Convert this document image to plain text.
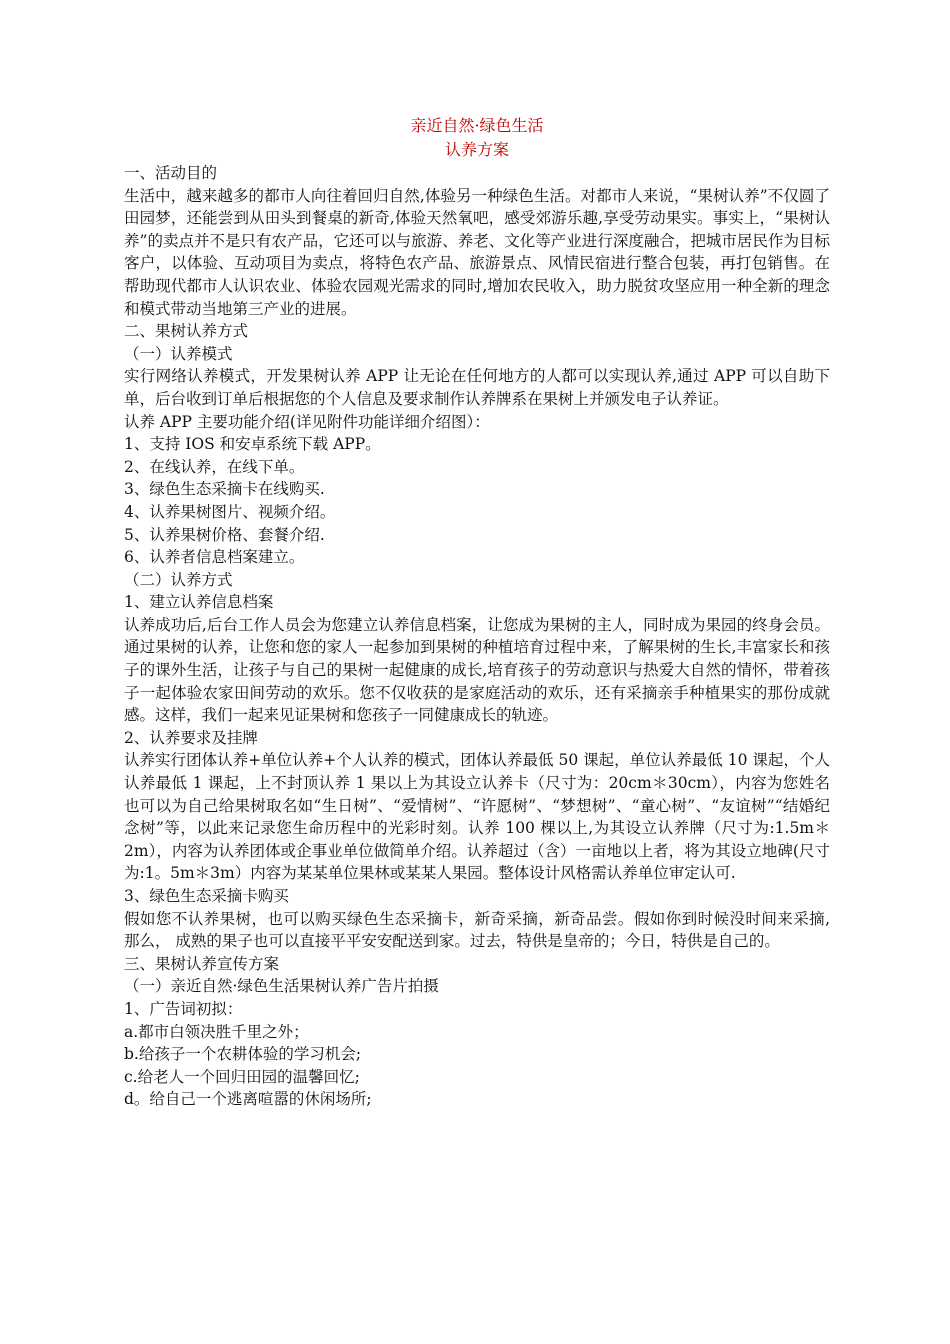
亲近自然·绿色生活
认养方案

一、活动目的

生活中，越来越多的都市人向往着回归自然,体验另一种绿色生活。对都市人来说，“果树认养”不仅圆了田园梦，还能尝到从田头到餐桌的新奇,体验天然氧吧，感受郊游乐趣,享受劳动果实。事实上，“果树认养”的卖点并不是只有农产品，它还可以与旅游、养老、文化等产业进行深度融合，把城市居民作为目标客户，以体验、互动项目为卖点，将特色农产品、旅游景点、风情民宿进行整合包装，再打包销售。在帮助现代都市人认识农业、体验农园观光需求的同时,增加农民收入，助力脱贫攻坚应用一种全新的理念和模式带动当地第三产业的进展。

二、果树认养方式

（一）认养模式

实行网络认养模式，开发果树认养 APP 让无论在任何地方的人都可以实现认养,通过 APP 可以自助下单，后台收到订单后根据您的个人信息及要求制作认养牌系在果树上并颁发电子认养证。

认养 APP 主要功能介绍(详见附件功能详细介绍图）：

1、支持 IOS 和安卓系统下载 APP。

2、在线认养，在线下单。

3、绿色生态采摘卡在线购买.

4、认养果树图片、视频介绍。

5、认养果树价格、套餐介绍.

6、认养者信息档案建立。

（二）认养方式

1、建立认养信息档案

认养成功后,后台工作人员会为您建立认养信息档案，让您成为果树的主人，同时成为果园的终身会员。通过果树的认养，让您和您的家人一起参加到果树的种植培育过程中来，了解果树的生长,丰富家长和孩子的课外生活，让孩子与自己的果树一起健康的成长,培育孩子的劳动意识与热爱大自然的情怀，带着孩子一起体验农家田间劳动的欢乐。您不仅收获的是家庭活动的欢乐，还有采摘亲手种植果实的那份成就感。这样，我们一起来见证果树和您孩子一同健康成长的轨迹。

2、认养要求及挂牌

认养实行团体认养+单位认养+个人认养的模式，团体认养最低 50 课起，单位认养最低 10 课起，个人认养最低 1 课起，上不封顶认养 1 果以上为其设立认养卡（尺寸为：20cm＊30cm），内容为您姓名也可以为自己给果树取名如“生日树”、“爱情树”、“许愿树”、“梦想树”、“童心树”、“友谊树”“结婚纪念树”等，以此来记录您生命历程中的光彩时刻。认养 100 棵以上,为其设立认养牌（尺寸为:1.5m＊2m），内容为认养团体或企事业单位做简单介绍。认养超过（含）一亩地以上者，将为其设立地碑(尺寸为:1。5m＊3m）内容为某某单位果林或某某人果园。整体设计风格需认养单位审定认可.

3、绿色生态采摘卡购买

假如您不认养果树，也可以购买绿色生态采摘卡，新奇采摘，新奇品尝。假如你到时候没时间来采摘, 那么， 成熟的果子也可以直接平平安安配送到家。过去，特供是皇帝的；今日，特供是自己的。

三、果树认养宣传方案

（一）亲近自然·绿色生活果树认养广告片拍摄

1、广告词初拟：

a.都市白领决胜千里之外；

b.给孩子一个农耕体验的学习机会;

c.给老人一个回归田园的温馨回忆;

d。给自己一个逃离喧嚣的休闲场所;
